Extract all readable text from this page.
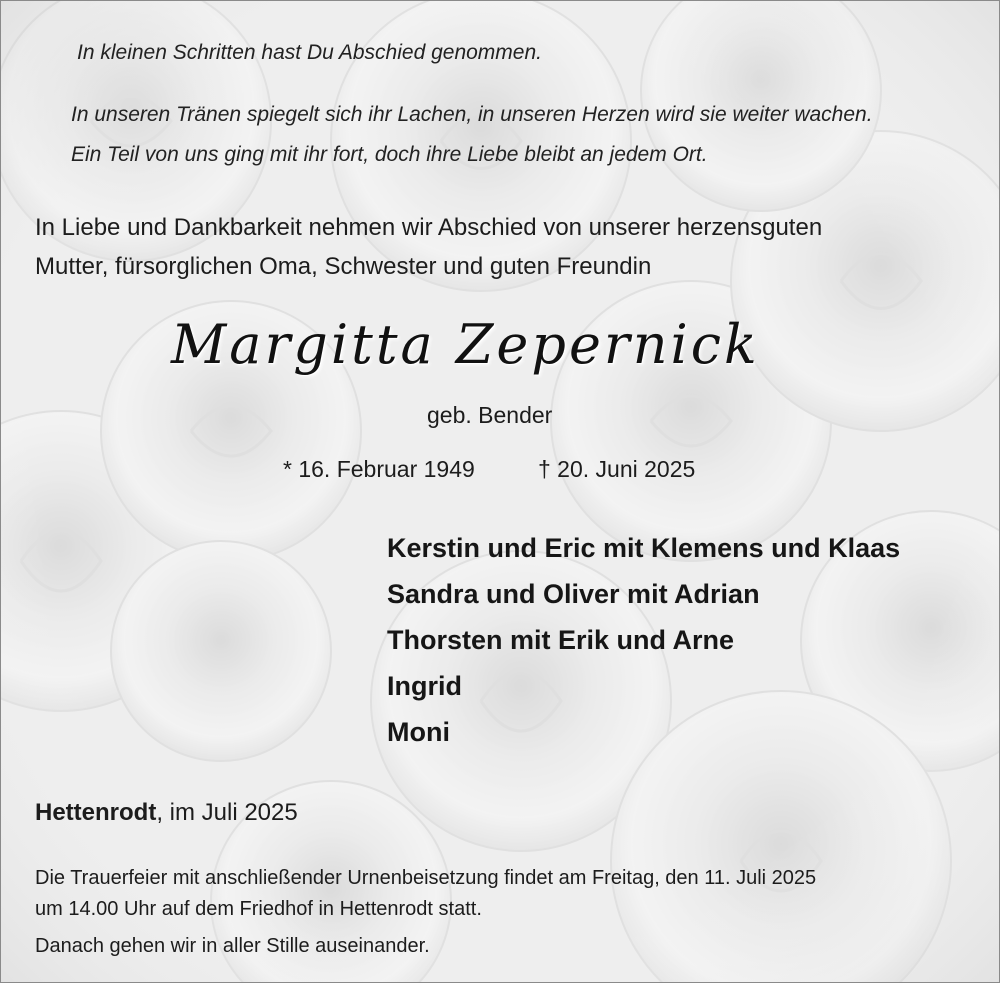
In kleinen Schritten hast Du Abschied genommen.

In unseren Tränen spiegelt sich ihr Lachen, in unseren Herzen wird sie weiter wachen.

Ein Teil von uns ging mit ihr fort, doch ihre Liebe bleibt an jedem Ort.

In Liebe und Dankbarkeit nehmen wir Abschied von unserer herzensguten

Mutter, fürsorglichen Oma, Schwester und guten Freundin

Margitta Zepernick

geb. Bender

* 16. Februar 1949	† 20. Juni 2025

Kerstin und Eric mit Klemens und Klaas

Sandra und Oliver mit Adrian

Thorsten mit Erik und Arne

Ingrid

Moni

Hettenrodt, im Juli 2025

Die Trauerfeier mit anschließender Urnenbeisetzung findet am Freitag, den 11. Juli 2025

um 14.00 Uhr auf dem Friedhof in Hettenrodt statt.

Danach gehen wir in aller Stille auseinander.
